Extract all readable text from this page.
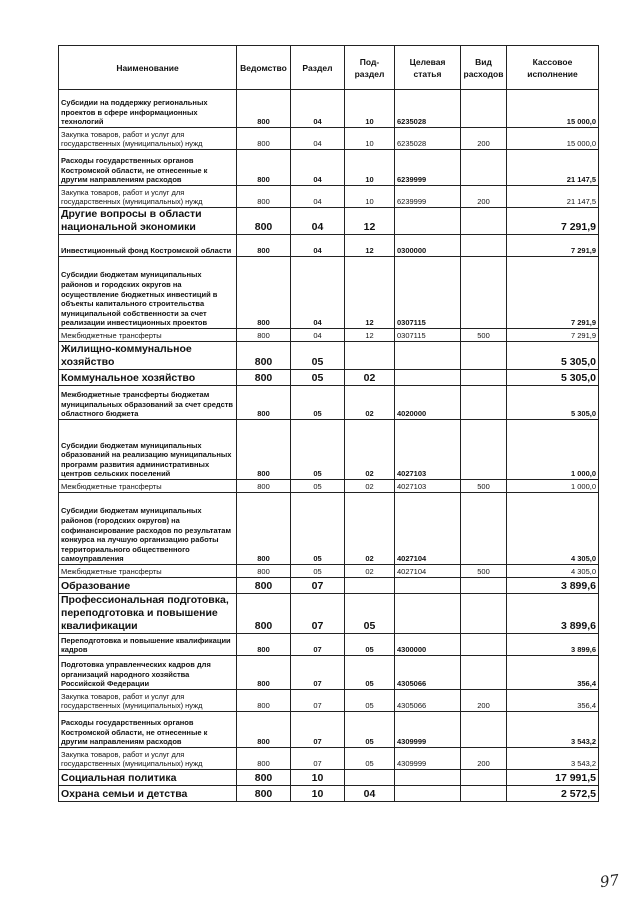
Наименование	Ведомство	Раздел	Под-раздел	Целевая статья	Вид расходов	Кассовое исполнение
Субсидии на поддержку региональных проектов в сфере информационных технологий	800	04	10	6235028		15 000,0
Закупка товаров, работ и услуг для государственных (муниципальных) нужд	800	04	10	6235028	200	15 000,0
Расходы государственных органов Костромской области, не отнесенные к другим направлениям расходов	800	04	10	6239999		21 147,5
Закупка товаров, работ и услуг для государственных (муниципальных) нужд	800	04	10	6239999	200	21 147,5
Другие вопросы в области национальной экономики	800	04	12			7 291,9
Инвестиционный фонд Костромской области	800	04	12	0300000		7 291,9
Субсидии бюджетам муниципальных районов и городских округов на осуществление бюджетных инвестиций в объекты капитального строительства муниципальной собственности за счет реализации инвестиционных проектов	800	04	12	0307115		7 291,9
Межбюджетные трансферты	800	04	12	0307115	500	7 291,9
Жилищно-коммунальное хозяйство	800	05				5 305,0
Коммунальное хозяйство	800	05	02			5 305,0
Межбюджетные трансферты бюджетам муниципальных образований за счет средств областного бюджета	800	05	02	4020000		5 305,0
Субсидии бюджетам муниципальных образований на реализацию муниципальных программ развития административных центров сельских поселений	800	05	02	4027103		1 000,0
Межбюджетные трансферты	800	05	02	4027103	500	1 000,0
Субсидии бюджетам муниципальных районов (городских округов) на софинансирование расходов по результатам конкурса на лучшую организацию работы территориального общественного самоуправления	800	05	02	4027104		4 305,0
Межбюджетные трансферты	800	05	02	4027104	500	4 305,0
Образование	800	07				3 899,6
Профессиональная подготовка, переподготовка и повышение квалификации	800	07	05			3 899,6
Переподготовка и повышение квалификации кадров	800	07	05	4300000		3 899,6
Подготовка управленческих кадров для организаций народного хозяйства Российской Федерации	800	07	05	4305066		356,4
Закупка товаров, работ и услуг для государственных (муниципальных) нужд	800	07	05	4305066	200	356,4
Расходы государственных органов Костромской области, не отнесенные к другим направлениям расходов	800	07	05	4309999		3 543,2
Закупка товаров, работ и услуг для государственных (муниципальных) нужд	800	07	05	4309999	200	3 543,2
Социальная политика	800	10				17 991,5
Охрана семьи и детства	800	10	04			2 572,5
97
